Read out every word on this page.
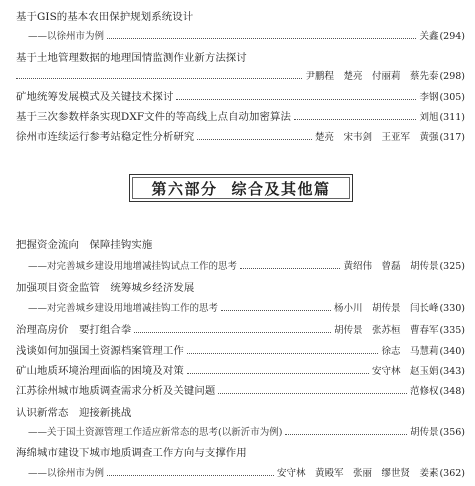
基于GIS的基本农田保护规划系统设计
——以徐州市为例	关鑫 (294)
基于土地管理数据的地理国情监测作业新方法探讨
尹鹏程　楚亮　付丽莉　蔡先泰 (298)
矿地统筹发展模式及关键技术探讨	李钢 (305)
基于三次参数样条实现DXF文件的等高线上点自动加密算法	刘旭 (311)
徐州市连续运行参考站稳定性分析研究	楚亮　宋韦剑　王亚军　黄强 (317)
第六部分 综合及其他篇
把握资金流向　保障挂钩实施
——对完善城乡建设用地增减挂钩试点工作的思考	黄绍伟　曾磊　胡传景 (325)
加强项目资金监管　统筹城乡经济发展
——对完善城乡建设用地增减挂钩工作的思考	杨小川　胡传景　闫长峰 (330)
治理高房价　要打组合拳	胡传景　张苏桓　曹春军 (335)
浅谈如何加强国土资源档案管理工作	徐志　马慧莉 (340)
矿山地质环境治理面临的困境及对策	安守林　赵玉娟 (343)
江苏徐州城市地质调查需求分析及关键问题	范修权 (348)
认识新常态　迎接新挑战
——关于国土资源管理工作适应新常态的思考(以新沂市为例)	胡传景 (356)
海绵城市建设下城市地质调查工作方向与支撑作用
——以徐州市为例	安守林　黄殿军　张丽　缪世贤　姜素 (362)
